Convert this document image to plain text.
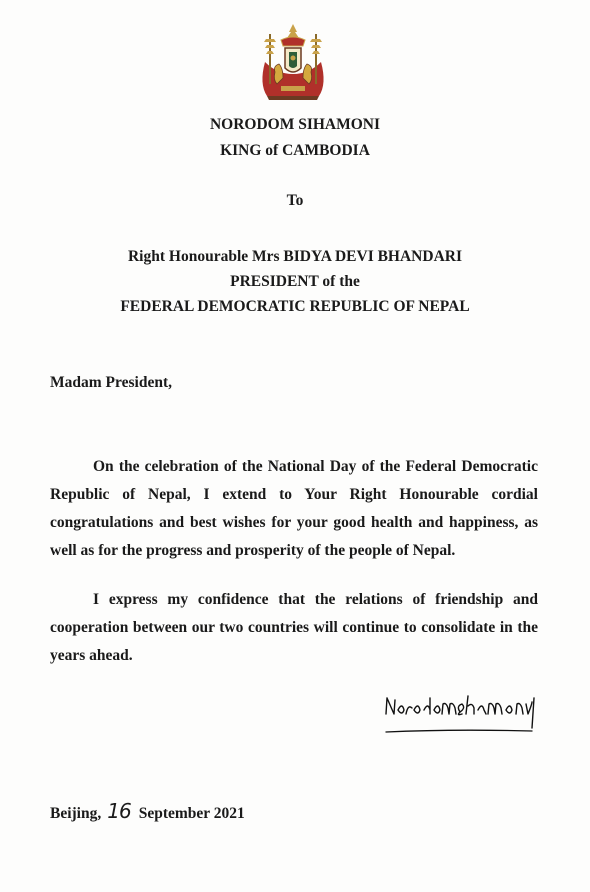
NORODOM SIHAMONI
KING of CAMBODIA
To
Right Honourable Mrs BIDYA DEVI BHANDARI
PRESIDENT of the
FEDERAL DEMOCRATIC REPUBLIC OF NEPAL
Madam President,

On the celebration of the National Day of the Federal Democratic Republic of Nepal, I extend to Your Right Honourable cordial congratulations and best wishes for your good health and happiness, as well as for the progress and prosperity of the people of Nepal.

I express my confidence that the relations of friendship and cooperation between our two countries will continue to consolidate in the years ahead.

Beijing, 16 September 2021
